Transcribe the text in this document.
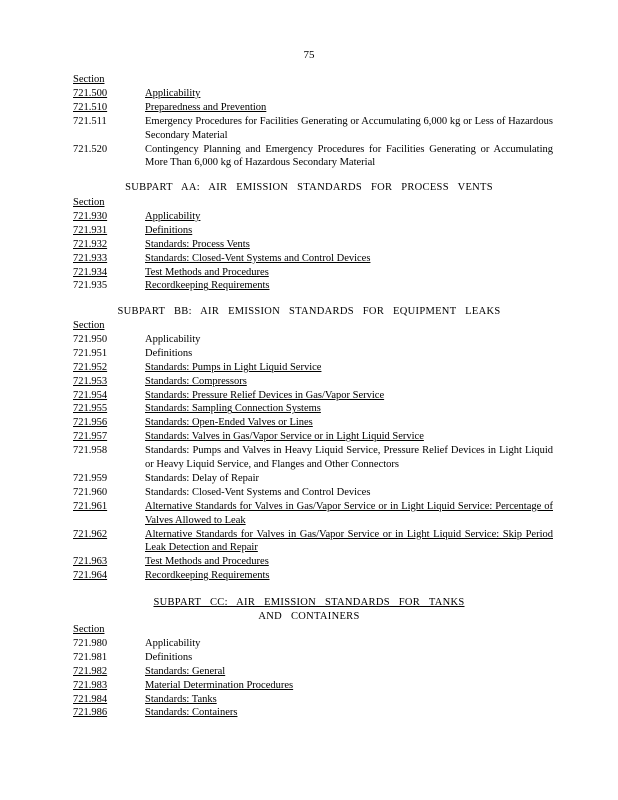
75
Section
721.500	Applicability
721.510	Preparedness and Prevention
721.511	Emergency Procedures for Facilities Generating or Accumulating 6,000 kg or Less of Hazardous Secondary Material
721.520	Contingency Planning and Emergency Procedures for Facilities Generating or Accumulating More Than 6,000 kg of Hazardous Secondary Material
SUBPART AA: AIR EMISSION STANDARDS FOR PROCESS VENTS
Section
721.930	Applicability
721.931	Definitions
721.932	Standards: Process Vents
721.933	Standards: Closed-Vent Systems and Control Devices
721.934	Test Methods and Procedures
721.935	Recordkeeping Requirements
SUBPART BB: AIR EMISSION STANDARDS FOR EQUIPMENT LEAKS
Section
721.950	Applicability
721.951	Definitions
721.952	Standards: Pumps in Light Liquid Service
721.953	Standards: Compressors
721.954	Standards: Pressure Relief Devices in Gas/Vapor Service
721.955	Standards: Sampling Connection Systems
721.956	Standards: Open-Ended Valves or Lines
721.957	Standards: Valves in Gas/Vapor Service or in Light Liquid Service
721.958	Standards: Pumps and Valves in Heavy Liquid Service, Pressure Relief Devices in Light Liquid or Heavy Liquid Service, and Flanges and Other Connectors
721.959	Standards: Delay of Repair
721.960	Standards: Closed-Vent Systems and Control Devices
721.961	Alternative Standards for Valves in Gas/Vapor Service or in Light Liquid Service: Percentage of Valves Allowed to Leak
721.962	Alternative Standards for Valves in Gas/Vapor Service or in Light Liquid Service: Skip Period Leak Detection and Repair
721.963	Test Methods and Procedures
721.964	Recordkeeping Requirements
SUBPART CC: AIR EMISSION STANDARDS FOR TANKS
AND CONTAINERS
Section
721.980	Applicability
721.981	Definitions
721.982	Standards: General
721.983	Material Determination Procedures
721.984	Standards: Tanks
721.986	Standards: Containers
